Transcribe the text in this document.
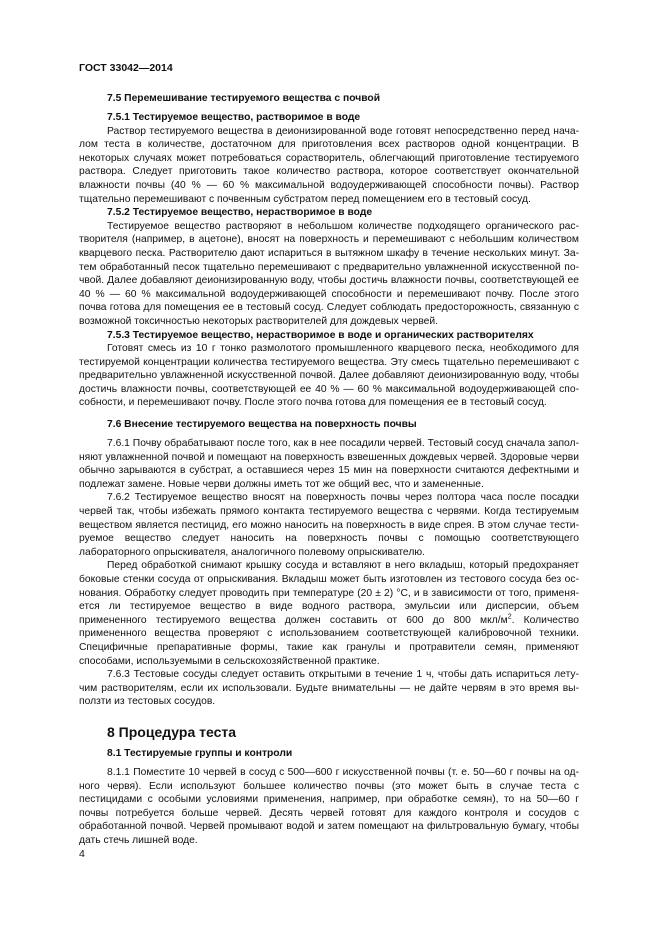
ГОСТ 33042—2014
7.5 Перемешивание тестируемого вещества с почвой
7.5.1 Тестируемое вещество, растворимое в воде

Раствор тестируемого вещества в деионизированной воде готовят непосредственно перед началом теста в количестве, достаточном для приготовления всех растворов одной концентрации. В некоторых случаях может потребоваться сорастворитель, облегчающий приготовление тестируемого раствора. Следует приготовить такое количество раствора, которое соответствует окончательной влажности почвы (40 % — 60 % максимальной водоудерживающей способности почвы). Раствор тщательно перемешивают с почвенным субстратом перед помещением его в тестовый сосуд.

7.5.2 Тестируемое вещество, нерастворимое в воде

Тестируемое вещество растворяют в небольшом количестве подходящего органического растворителя (например, в ацетоне), вносят на поверхность и перемешивают с небольшим количеством кварцевого песка. Растворителю дают испариться в вытяжном шкафу в течение нескольких минут. Затем обработанный песок тщательно перемешивают с предварительно увлажненной искусственной почвой. Далее добавляют деионизированную воду, чтобы достичь влажности почвы, соответствующей ее 40 % — 60 % максимальной водоудерживающей способности и перемешивают почву. После этого почва готова для помещения ее в тестовый сосуд. Следует соблюдать предосторожность, связанную с возможной токсичностью некоторых растворителей для дождевых червей.

7.5.3 Тестируемое вещество, нерастворимое в воде и органических растворителях

Готовят смесь из 10 г тонко размолотого промышленного кварцевого песка, необходимого для тестируемой концентрации количества тестируемого вещества. Эту смесь тщательно перемешивают с предварительно увлажненной искусственной почвой. Далее добавляют деионизированную воду, чтобы достичь влажности почвы, соответствующей ее 40 % — 60 % максимальной водоудерживающей способности, и перемешивают почву. После этого почва готова для помещения ее в тестовый сосуд.

7.6 Внесение тестируемого вещества на поверхность почвы

7.6.1 Почву обрабатывают после того, как в нее посадили червей. Тестовый сосуд сначала заполняют увлажненной почвой и помещают на поверхность взвешенных дождевых червей. Здоровые черви обычно зарываются в субстрат, а оставшиеся через 15 мин на поверхности считаются дефектными и подлежат замене. Новые черви должны иметь тот же общий вес, что и замененные.

7.6.2 Тестируемое вещество вносят на поверхность почвы через полтора часа после посадки червей так, чтобы избежать прямого контакта тестируемого вещества с червями. Когда тестируемым веществом является пестицид, его можно наносить на поверхность в виде спрея. В этом случае тестируемое вещество следует наносить на поверхность почвы с помощью соответствующего лабораторного опрыскивателя, аналогичного полевому опрыскивателю.

Перед обработкой снимают крышку сосуда и вставляют в него вкладыш, который предохраняет боковые стенки сосуда от опрыскивания. Вкладыш может быть изготовлен из тестового сосуда без основания. Обработку следует проводить при температуре (20 ± 2) °С, и в зависимости от того, применяется ли тестируемое вещество в виде водного раствора, эмульсии или дисперсии, объем примененного тестируемого вещества должен составить от 600 до 800 мкл/$м^2$. Количество примененного вещества проверяют с использованием соответствующей калибровочной техники. Специфичные препаративные формы, такие как гранулы и протравители семян, применяют способами, используемыми в сельскохозяйственной практике.

7.6.3 Тестовые сосуды следует оставить открытыми в течение 1 ч, чтобы дать испариться летучим растворителям, если их использовали. Будьте внимательны — не дайте червям в это время выползти из тестовых сосудов.

8 Процедура теста
8.1 Тестируемые группы и контроли

8.1.1 Поместите 10 червей в сосуд с 500—600 г искусственной почвы (т. е. 50—60 г почвы на одного червя). Если используют большее количество почвы (это может быть в случае теста с пестицидами с особыми условиями применения, например, при обработке семян), то на 50—60 г почвы потребуется больше червей. Десять червей готовят для каждого контроля и сосудов с обработанной почвой. Червей промывают водой и затем помещают на фильтровальную бумагу, чтобы дать стечь лишней воде.

4
